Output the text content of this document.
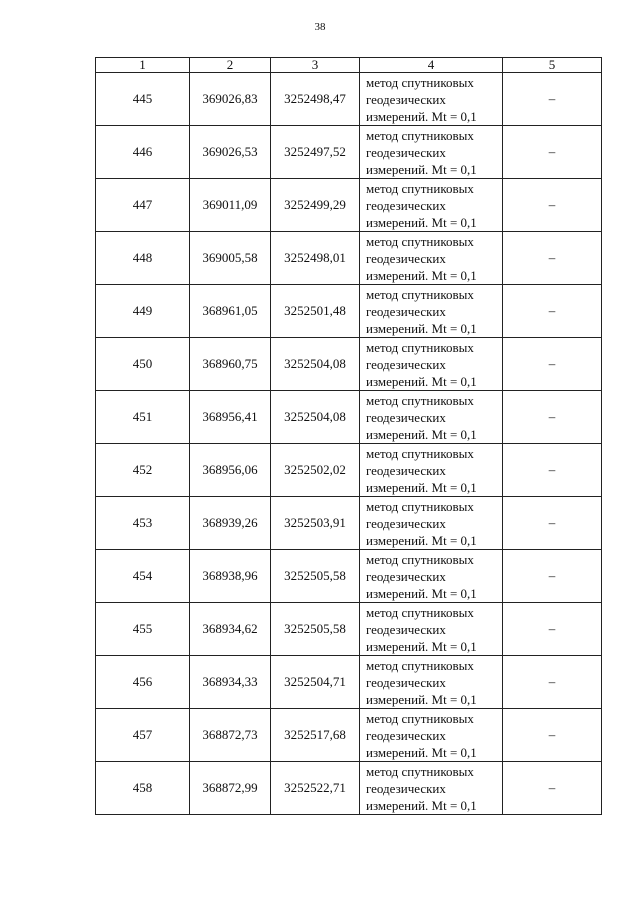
38
1	2	3	4	5
445	369026,83	3252498,47	метод спутниковых
геодезических
измерений. Mt = 0,1	–
446	369026,53	3252497,52	метод спутниковых
геодезических
измерений. Mt = 0,1	–
447	369011,09	3252499,29	метод спутниковых
геодезических
измерений. Mt = 0,1	–
448	369005,58	3252498,01	метод спутниковых
геодезических
измерений. Mt = 0,1	–
449	368961,05	3252501,48	метод спутниковых
геодезических
измерений. Mt = 0,1	–
450	368960,75	3252504,08	метод спутниковых
геодезических
измерений. Mt = 0,1	–
451	368956,41	3252504,08	метод спутниковых
геодезических
измерений. Mt = 0,1	–
452	368956,06	3252502,02	метод спутниковых
геодезических
измерений. Mt = 0,1	–
453	368939,26	3252503,91	метод спутниковых
геодезических
измерений. Mt = 0,1	–
454	368938,96	3252505,58	метод спутниковых
геодезических
измерений. Mt = 0,1	–
455	368934,62	3252505,58	метод спутниковых
геодезических
измерений. Mt = 0,1	–
456	368934,33	3252504,71	метод спутниковых
геодезических
измерений. Mt = 0,1	–
457	368872,73	3252517,68	метод спутниковых
геодезических
измерений. Mt = 0,1	–
458	368872,99	3252522,71	метод спутниковых
геодезических
измерений. Mt = 0,1	–
